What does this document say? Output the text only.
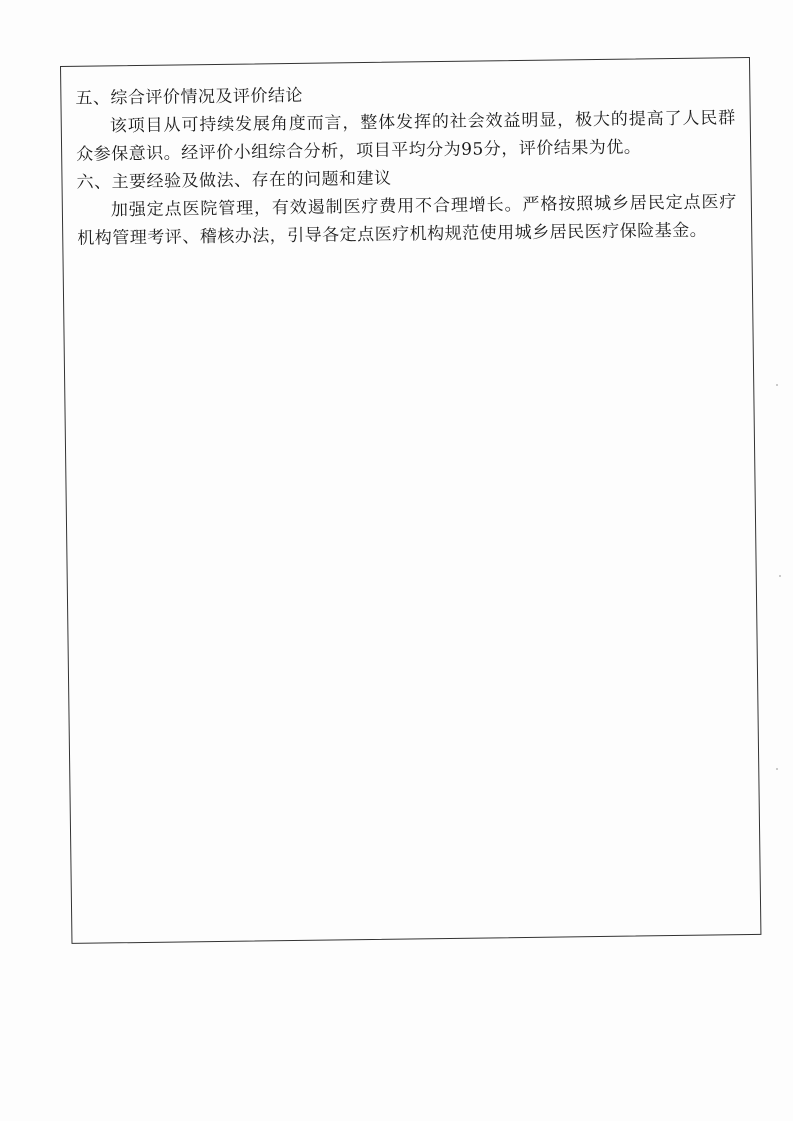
五、综合评价情况及评价结论
该项目从可持续发展角度而言，整体发挥的社会效益明显，极大的提高了人民群众参保意识。经评价小组综合分析，项目平均分为95分，评价结果为优。
六、主要经验及做法、存在的问题和建议
加强定点医院管理，有效遏制医疗费用不合理增长。严格按照城乡居民定点医疗机构管理考评、稽核办法，引导各定点医疗机构规范使用城乡居民医疗保险基金。
